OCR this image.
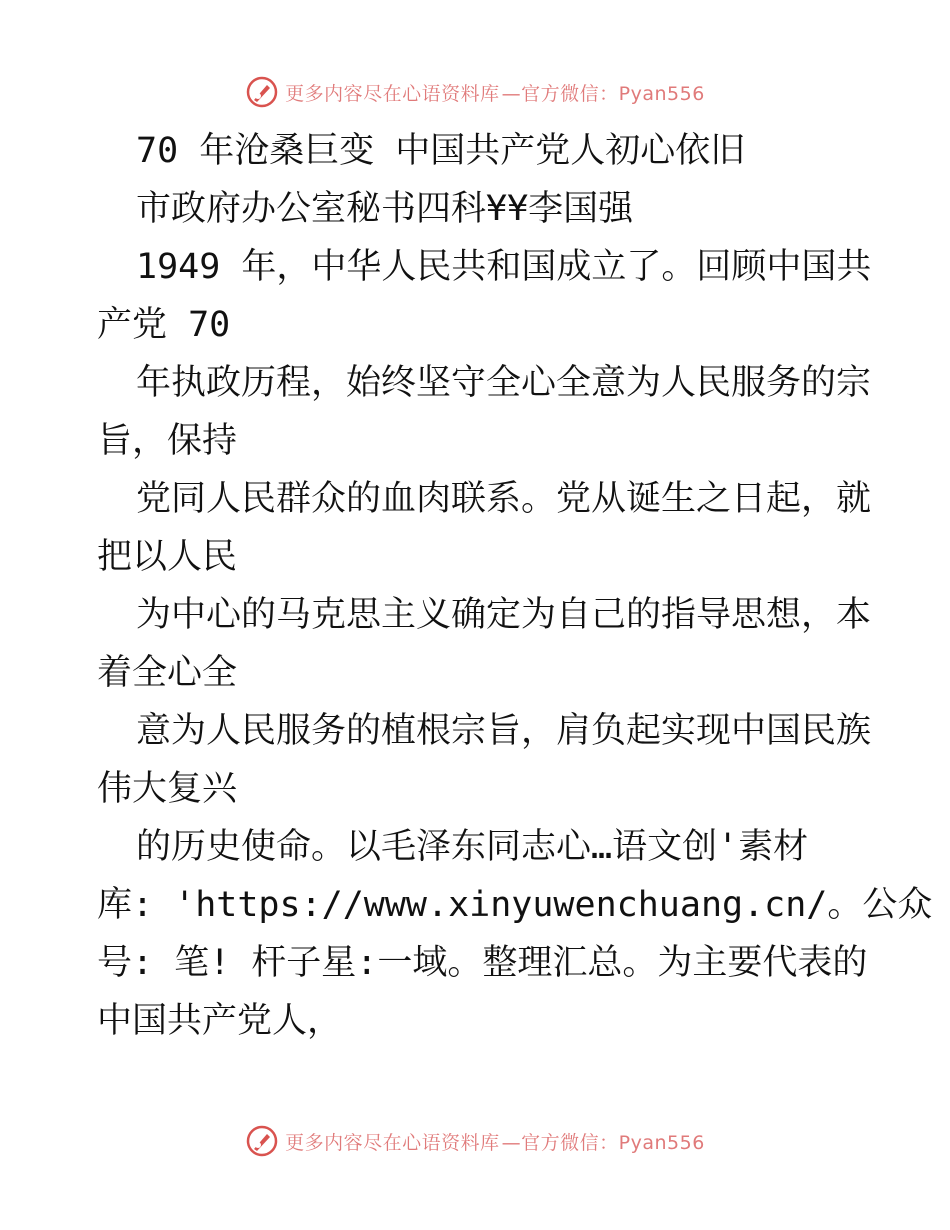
更多内容尽在心语资料库 —官方微信：Pyan556
70 年沧桑巨变 中国共产党人初心依旧
市政府办公室秘书四科¥¥李国强
1949 年，中华人民共和国成立了。回顾中国共
产党 70
年执政历程，始终坚守全心全意为人民服务的宗
旨，保持
党同人民群众的血肉联系。党从诞生之日起，就
把以人民
为中心的马克思主义确定为自己的指导思想，本
着全心全
意为人民服务的植根宗旨，肩负起实现中国民族
伟大复兴
的历史使命。以毛泽东同志心…语文创'素材
库: 'https://www.xinyuwenchuang.cn/。公众
号: 笔! 杆子星:一域。整理汇总。为主要代表的
中国共产党人，
更多内容尽在心语资料库 —官方微信：Pyan556
